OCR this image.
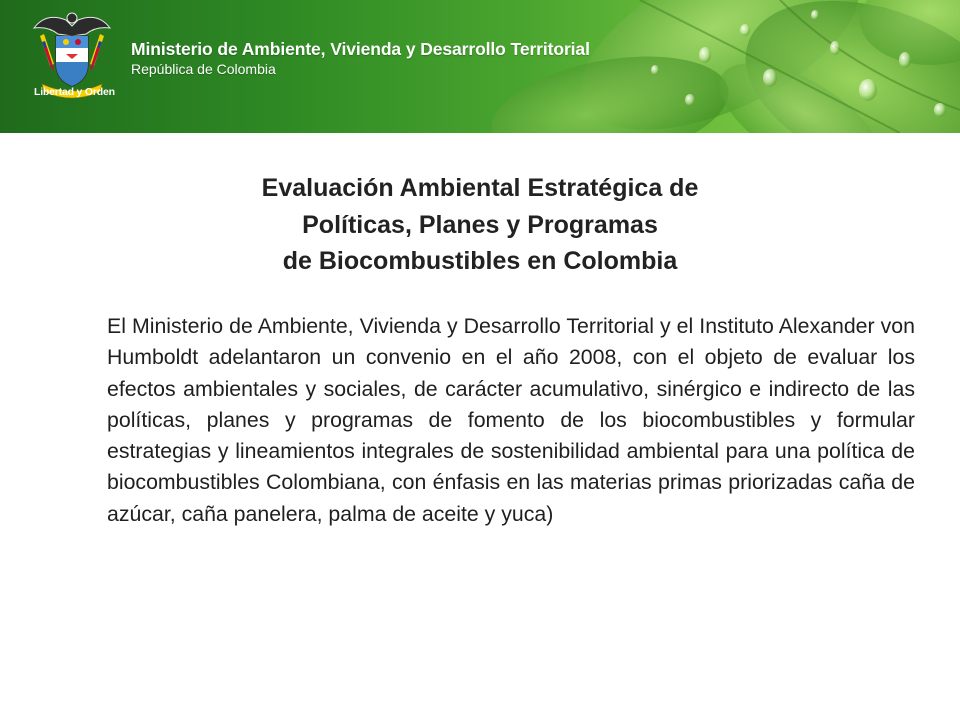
Libertad y Orden
Ministerio de Ambiente, Vivienda y Desarrollo Territorial
República de Colombia
Evaluación Ambiental Estratégica de
Políticas, Planes y Programas
de Biocombustibles en Colombia

El Ministerio de Ambiente, Vivienda y Desarrollo Territorial y el Instituto Alexander von Humboldt adelantaron un convenio en el año 2008, con el objeto de evaluar los efectos ambientales y sociales, de carácter acumulativo, sinérgico e indirecto de las políticas, planes y programas de fomento de los biocombustibles y formular estrategias y lineamientos integrales de sostenibilidad ambiental para una política de biocombustibles Colombiana, con énfasis en las materias primas priorizadas caña de azúcar, caña panelera, palma de aceite y yuca)
